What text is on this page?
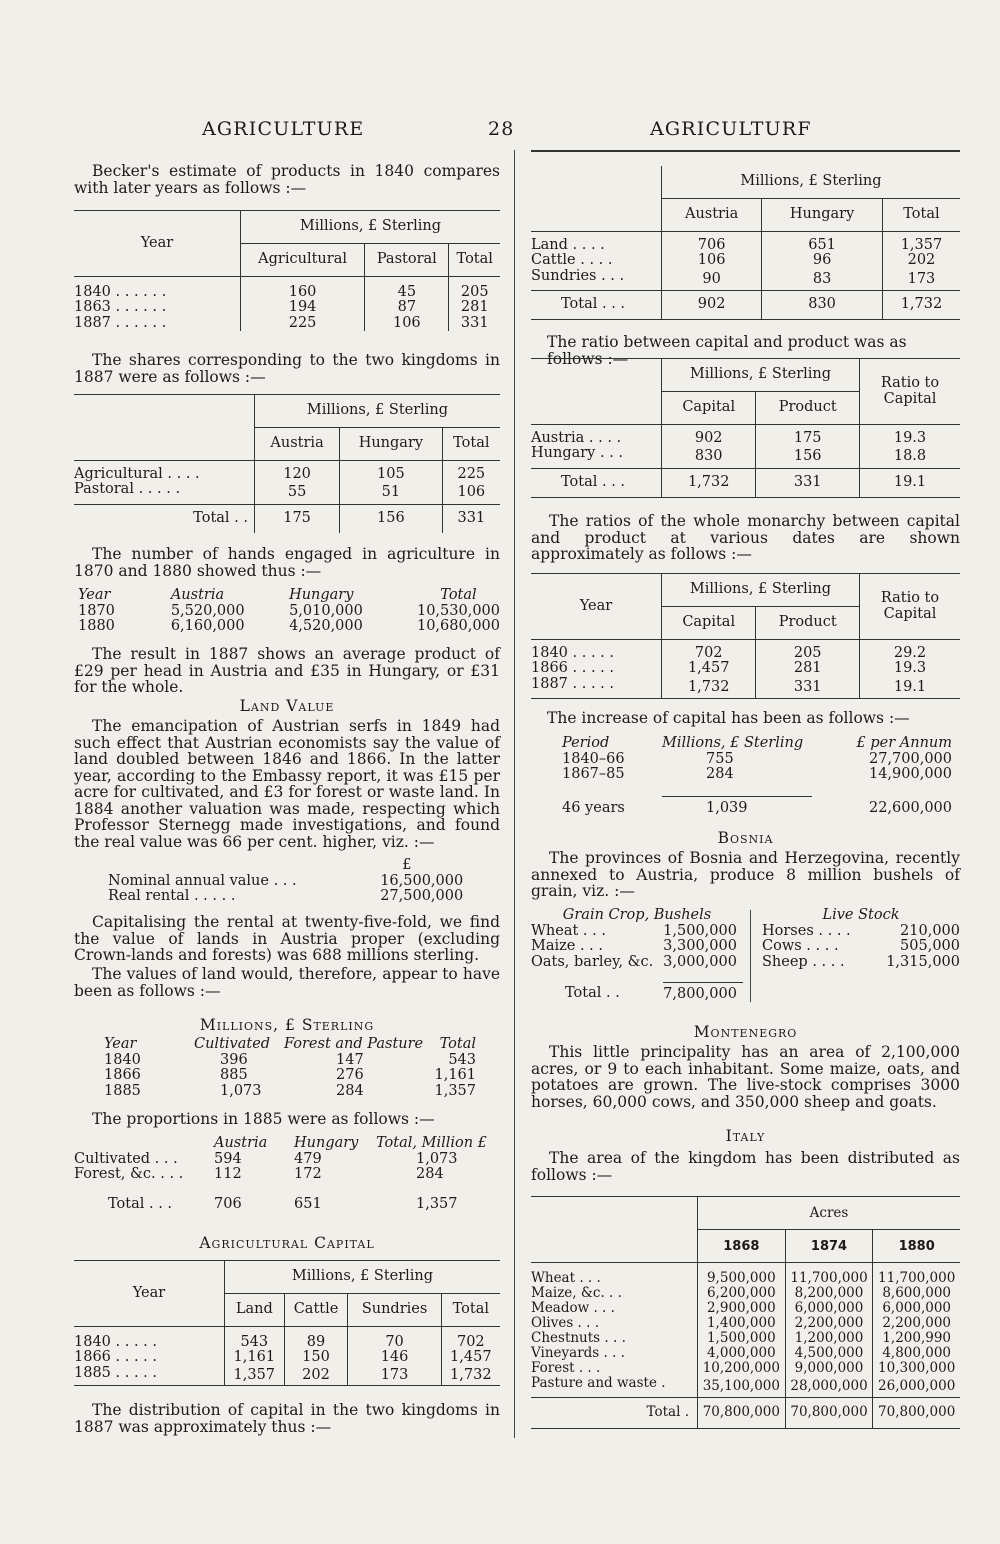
AGRICULTURE	28	AGRICULTURF

Becker's estimate of products in 1840 compares with later years as follows :—

Year	Millions, £ Sterling		
	Agricultural	Pastoral	Total

1840 . . . . . .	160	45	205
1863 . . . . . .	194	87	281
1887 . . . . . .	225	106	331

The shares corresponding to the two kingdoms in 1887 were as follows :—

	Millions, £ Sterling		
	Austria	Hungary	Total

Agricultural . . . .	120	105	225
Pastoral . . . . .	55	51	106
Total . .	175	156	331

The number of hands engaged in agriculture in 1870 and 1880 showed thus :—

Year	Austria	Hungary	Total
1870	5,520,000	5,010,000	10,530,000
1880	6,160,000	4,520,000	10,680,000

The result in 1887 shows an average product of £29 per head in Austria and £35 in Hungary, or £31 for the whole.

Land Value

The emancipation of Austrian serfs in 1849 had such effect that Austrian economists say the value of land doubled between 1846 and 1866. In the latter year, according to the Embassy report, it was £15 per acre for cultivated, and £3 for forest or waste land. In 1884 another valuation was made, respecting which Professor Sternegg made investigations, and found the real value was 66 per cent. higher, viz. :—

	£
Nominal annual value . . .	16,500,000
Real rental . . . . .	27,500,000

Capitalising the rental at twenty-five-fold, we find the value of lands in Austria proper (excluding Crown-lands and forests) was 688 millions sterling.

The values of land would, therefore, appear to have been as follows :—

Millions, £ Sterling
Year	Cultivated	Forest and Pasture	Total
1840	396	147	543
1866	885	276	1,161
1885	1,073	284	1,357

The proportions in 1885 were as follows :—

	Austria	Hungary	Total, Million £
Cultivated . . .	594	479	1,073
Forest, &c. . . .	112	172	284

Total . . .	706	651	1,357
Agricultural Capital
Year	Millions, £ Sterling			
	Land	Cattle	Sundries	Total

1840 . . . . .	543	89	70	702
1866 . . . . .	1,161	150	146	1,457
1885 . . . . .	1,357	202	173	1,732

The distribution of capital in the two kingdoms in 1887 was approximately thus :—

	Millions, £ Sterling		
	Austria	Hungary	Total

Land . . . .	706	651	1,357
Cattle . . . .	106	96	202
Sundries . . .	90	83	173
Total . . .	902	830	1,732

The ratio between capital and product was as follows :—

	Millions, £ Sterling		Ratio to Capital
	Capital	Product	

Austria . . . .	902	175	19.3
Hungary . . .	830	156	18.8
Total . . .	1,732	331	19.1

The ratios of the whole monarchy between capital and product at various dates are shown approximately as follows :—

Year	Millions, £ Sterling		Ratio to Capital
	Capital	Product	

1840 . . . . .	702	205	29.2
1866 . . . . .	1,457	281	19.3
1887 . . . . .	1,732	331	19.1

The increase of capital has been as follows :—

Period	Millions, £ Sterling	£ per Annum
1840–66	755	27,700,000
1867–85	284	14,900,000

46 years	1,039	22,600,000
Bosnia

The provinces of Bosnia and Herzegovina, recently annexed to Austria, produce 8 million bushels of grain, viz. :—

Grain Crop, Bushels	
Wheat . . .	1,500,000
Maize . . .	3,300,000
Oats, barley, &c.	3,000,000

Total . .	7,800,000
Live Stock	
Horses . . . .	210,000
Cows . . . .	505,000
Sheep . . . .	1,315,000
Montenegro

This little principality has an area of 2,100,000 acres, or 9 to each inhabitant. Some maize, oats, and potatoes are grown. The live-stock comprises 3000 horses, 60,000 cows, and 350,000 sheep and goats.

Italy

The area of the kingdom has been distributed as follows :—

	Acres		
	1868	1874	1880

Wheat . . .	9,500,000	11,700,000	11,700,000
Maize, &c. . .	6,200,000	8,200,000	8,600,000
Meadow . . .	2,900,000	6,000,000	6,000,000
Olives . . .	1,400,000	2,200,000	2,200,000
Chestnuts . . .	1,500,000	1,200,000	1,200,990
Vineyards . . .	4,000,000	4,500,000	4,800,000
Forest . . .	10,200,000	9,000,000	10,300,000
Pasture and waste .	35,100,000	28,000,000	26,000,000
Total .	70,800,000	70,800,000	70,800,000
